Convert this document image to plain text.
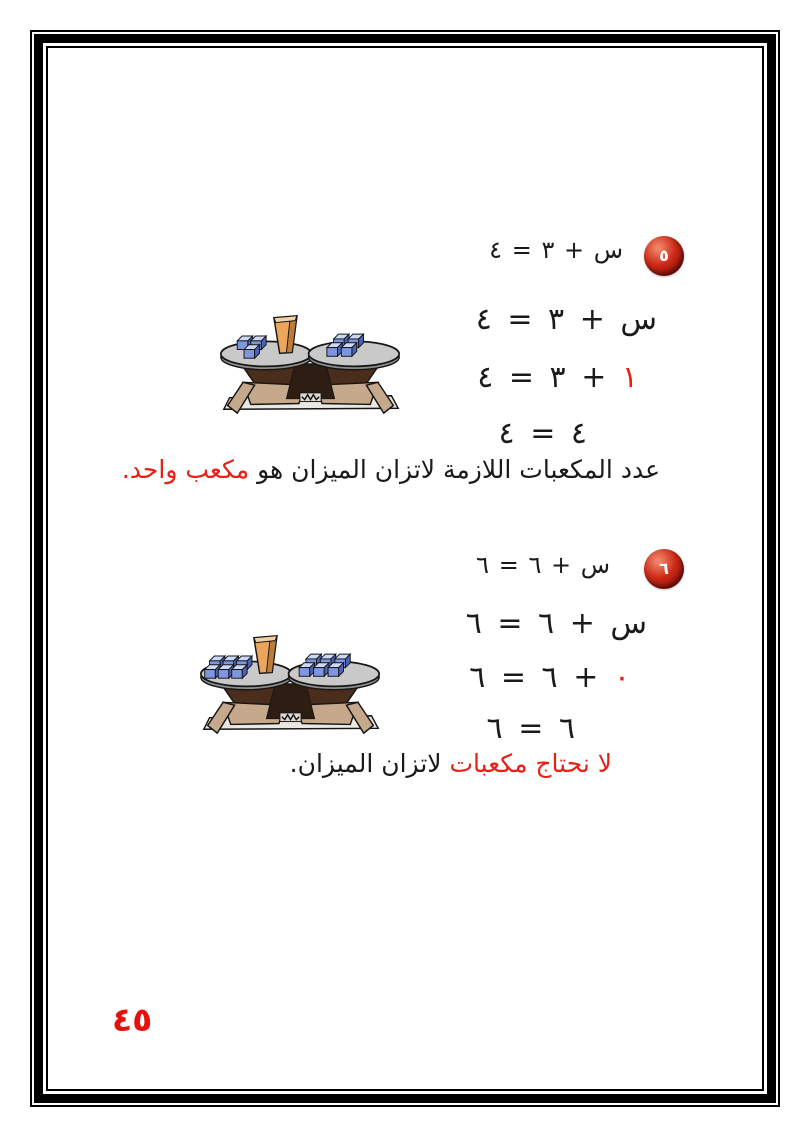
٥
س + ٣ = ٤
س + ٣ = ٤
١ + ٣ = ٤
٤ = ٤
عدد المكعبات اللازمة لاتزان الميزان هو مكعب واحد.
٦
س + ٦ = ٦
س + ٦ = ٦
٠ + ٦ = ٦
٦ = ٦
لا نحتاج مكعبات لاتزان الميزان.
٤٥
